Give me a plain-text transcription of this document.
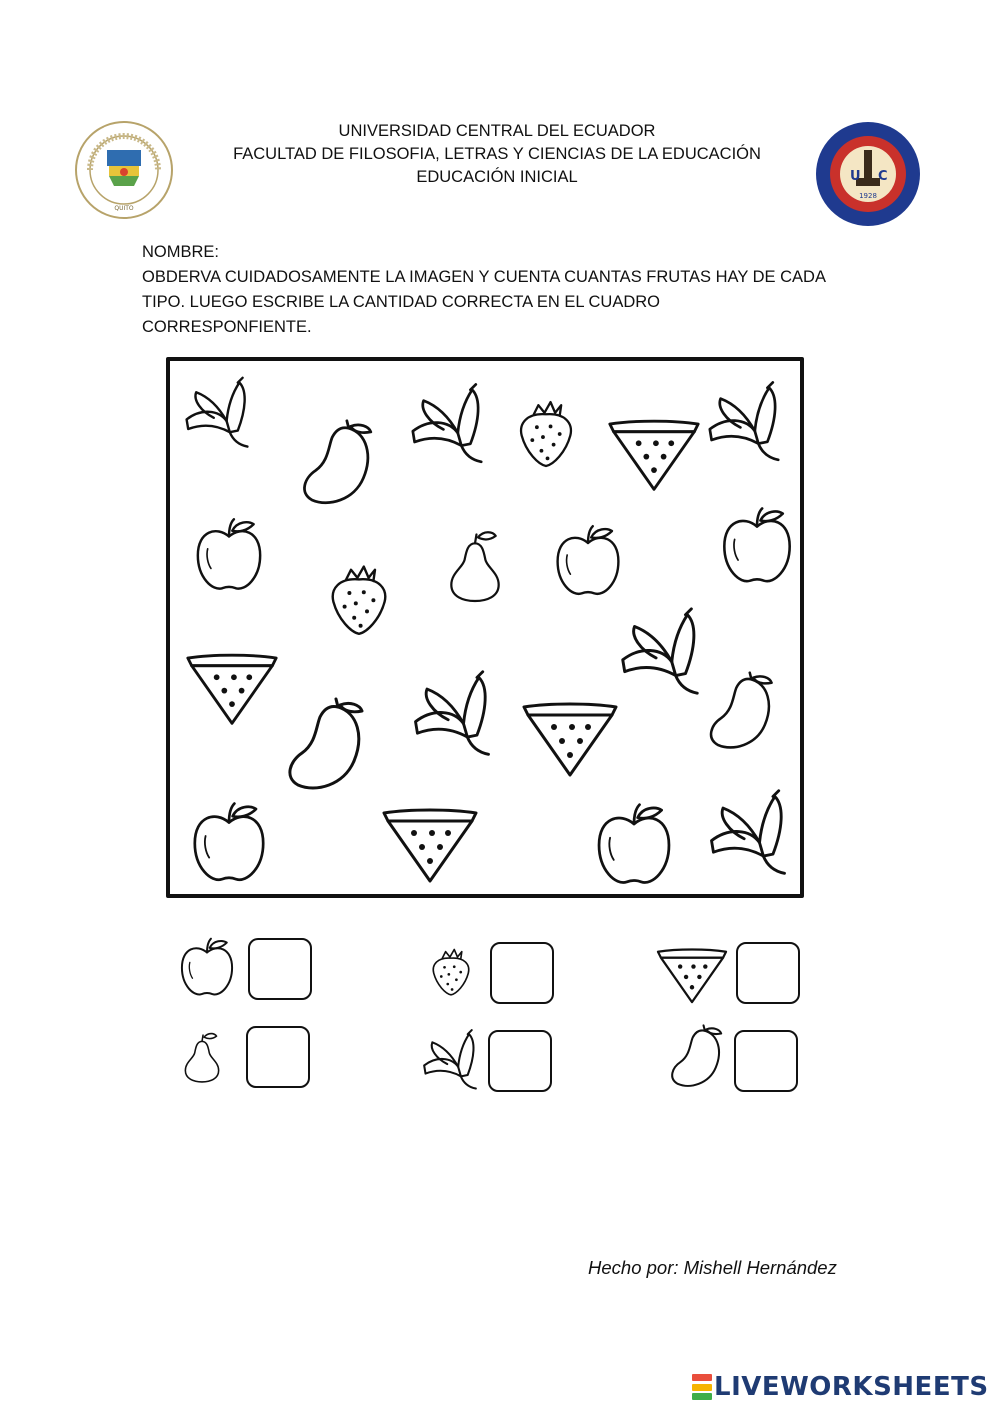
QUITO
UNIVERSIDAD CENTRAL DEL ECUADOR
FACULTAD DE FILOSOFIA, LETRAS Y CIENCIAS DE LA EDUCACIÓN
EDUCACIÓN INICIAL	U C
1928
NOMBRE:
OBDERVA CUIDADOSAMENTE LA IMAGEN Y CUENTA CUANTAS FRUTAS HAY DE CADA TIPO. LUEGO ESCRIBE LA CANTIDAD CORRECTA EN EL CUADRO CORRESPONFIENTE.
Hecho por: Mishell Hernández
LIVEWORKSHEETS
